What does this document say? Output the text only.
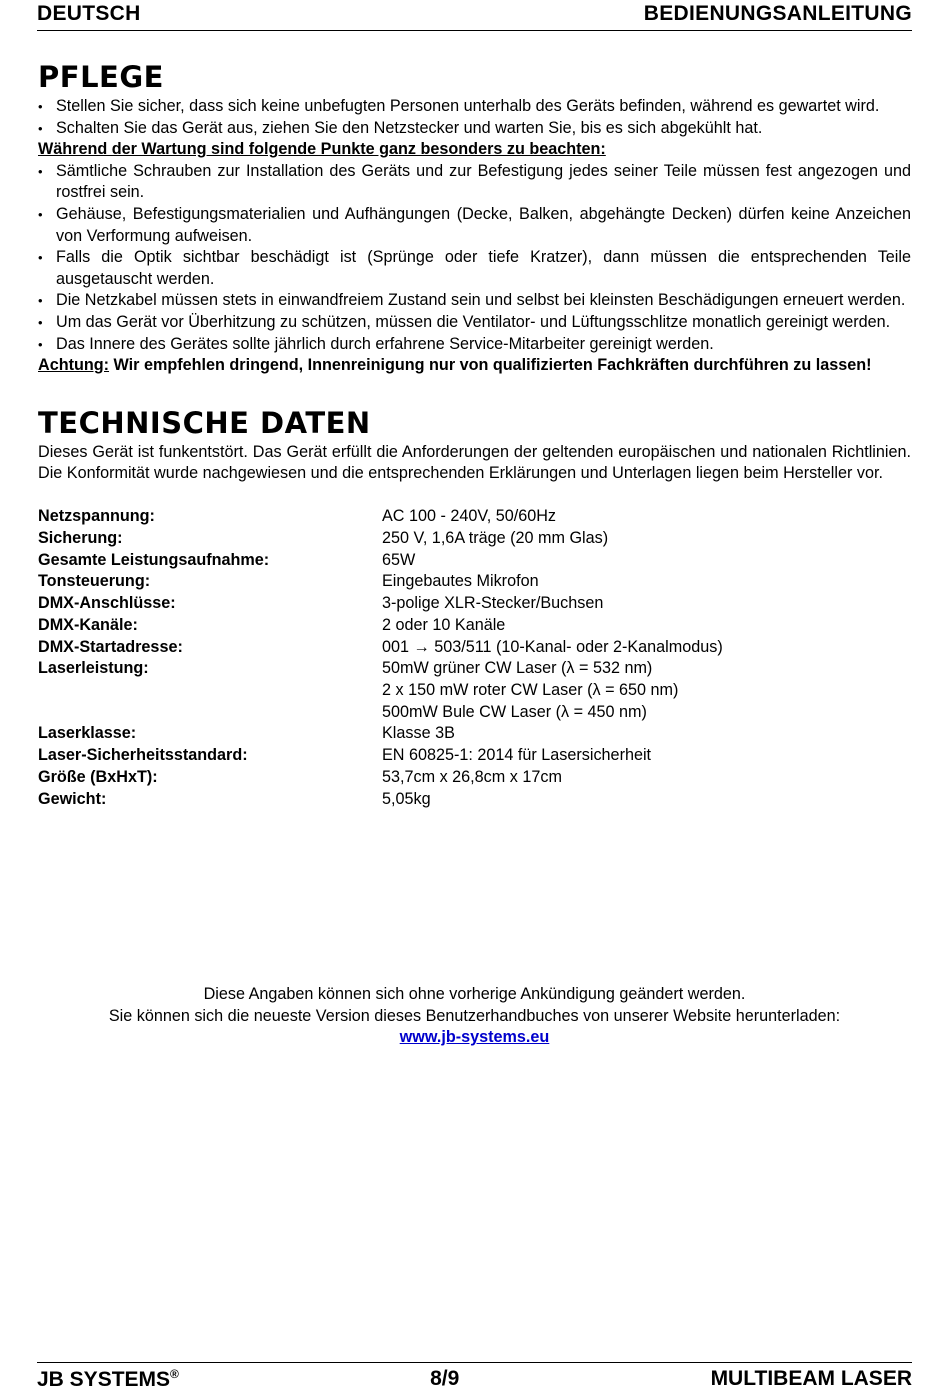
DEUTSCH	BEDIENUNGSANLEITUNG
PFLEGE
• Stellen Sie sicher, dass sich keine unbefugten Personen unterhalb des Geräts befinden, während es gewartet wird.
• Schalten Sie das Gerät aus, ziehen Sie den Netzstecker und warten Sie, bis es sich abgekühlt hat.
Während der Wartung sind folgende Punkte ganz besonders zu beachten:
• Sämtliche Schrauben zur Installation des Geräts und zur Befestigung jedes seiner Teile müssen fest angezogen und rostfrei sein.
• Gehäuse, Befestigungsmaterialien und Aufhängungen (Decke, Balken, abgehängte Decken) dürfen keine Anzeichen von Verformung aufweisen.
• Falls die Optik sichtbar beschädigt ist (Sprünge oder tiefe Kratzer), dann müssen die entsprechenden Teile ausgetauscht werden.
• Die Netzkabel müssen stets in einwandfreiem Zustand sein und selbst bei kleinsten Beschädigungen erneuert werden.
• Um das Gerät vor Überhitzung zu schützen, müssen die Ventilator- und Lüftungsschlitze monatlich gereinigt werden.
• Das Innere des Gerätes sollte jährlich durch erfahrene Service-Mitarbeiter gereinigt werden.
Achtung: Wir empfehlen dringend, Innenreinigung nur von qualifizierten Fachkräften durchführen zu lassen!
TECHNISCHE DATEN

Dieses Gerät ist funkentstört. Das Gerät erfüllt die Anforderungen der geltenden europäischen und nationalen Richtlinien. Die Konformität wurde nachgewiesen und die entsprechenden Erklärungen und Unterlagen liegen beim Hersteller vor.

Netzspannung:	AC 100 - 240V, 50/60Hz
Sicherung:	250 V, 1,6A träge (20 mm Glas)
Gesamte Leistungsaufnahme:	65W
Tonsteuerung:	Eingebautes Mikrofon
DMX-Anschlüsse:	3-polige XLR-Stecker/Buchsen
DMX-Kanäle:	2 oder 10 Kanäle
DMX-Startadresse:	001 → 503/511 (10-Kanal- oder 2-Kanalmodus)
Laserleistung:	50mW grüner CW Laser (λ = 532 nm)
2 x 150 mW roter CW Laser (λ = 650 nm)
500mW Bule CW Laser (λ = 450 nm)
Laserklasse:	Klasse 3B
Laser-Sicherheitsstandard:	EN 60825-1: 2014 für Lasersicherheit
Größe (BxHxT):	53,7cm x 26,8cm x 17cm
Gewicht:	5,05kg
Diese Angaben können sich ohne vorherige Ankündigung geändert werden.
Sie können sich die neueste Version dieses Benutzerhandbuches von unserer Website herunterladen:
www.jb-systems.eu
JB SYSTEMS®	8/9	MULTIBEAM LASER
